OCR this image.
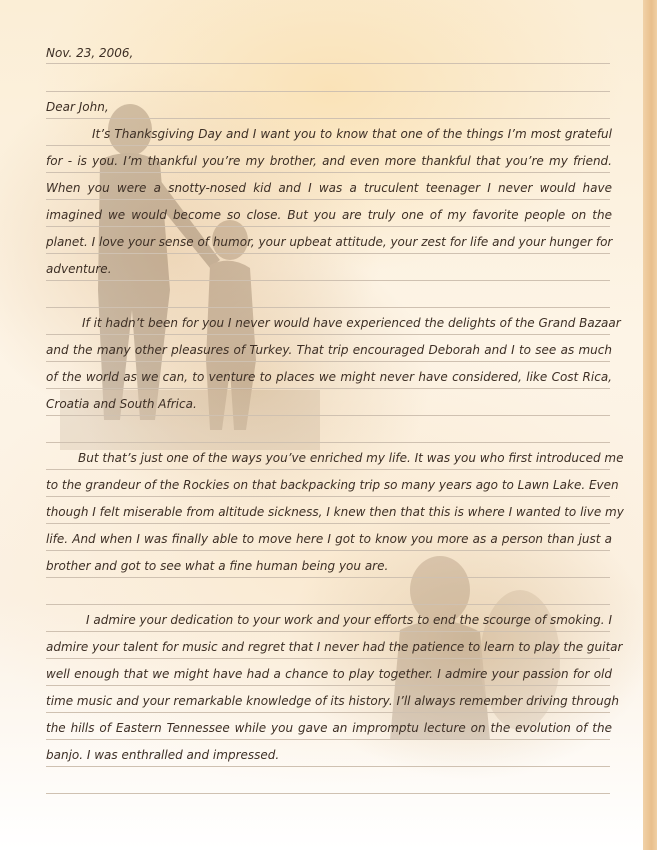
Nov. 23, 2006,
Dear John,
It’s Thanksgiving Day and I want you to know that one of the things I’m most grateful
for - is you. I’m thankful you’re my brother, and even more thankful that you’re my friend.
When you were a snotty-nosed kid and I was a truculent teenager I never would have
imagined we would become so close. But you are truly one of my favorite people on the
planet. I love your sense of humor, your upbeat attitude, your zest for life and your hunger for
adventure.
If it hadn’t been for you I never would have experienced the delights of the Grand Bazaar
and the many other pleasures of Turkey. That trip encouraged Deborah and I to see as much
of the world as we can, to venture to places we might never have considered, like Cost Rica,
Croatia and South Africa.
But that’s just one of the ways you’ve enriched my life. It was you who first introduced me
to the grandeur of the Rockies on that backpacking trip so many years ago to Lawn Lake. Even
though I felt miserable from altitude sickness, I knew then that this is where I wanted to live my
life. And when I was finally able to move here I got to know you more as a person than just a
brother and got to see what a fine human being you are.
I admire your dedication to your work and your efforts to end the scourge of smoking. I
admire your talent for music and regret that I never had the patience to learn to play the guitar
well enough that we might have had a chance to play together. I admire your passion for old
time music and your remarkable knowledge of its history. I’ll always remember driving through
the hills of Eastern Tennessee while you gave an impromptu lecture on the evolution of the
banjo. I was enthralled and impressed.
